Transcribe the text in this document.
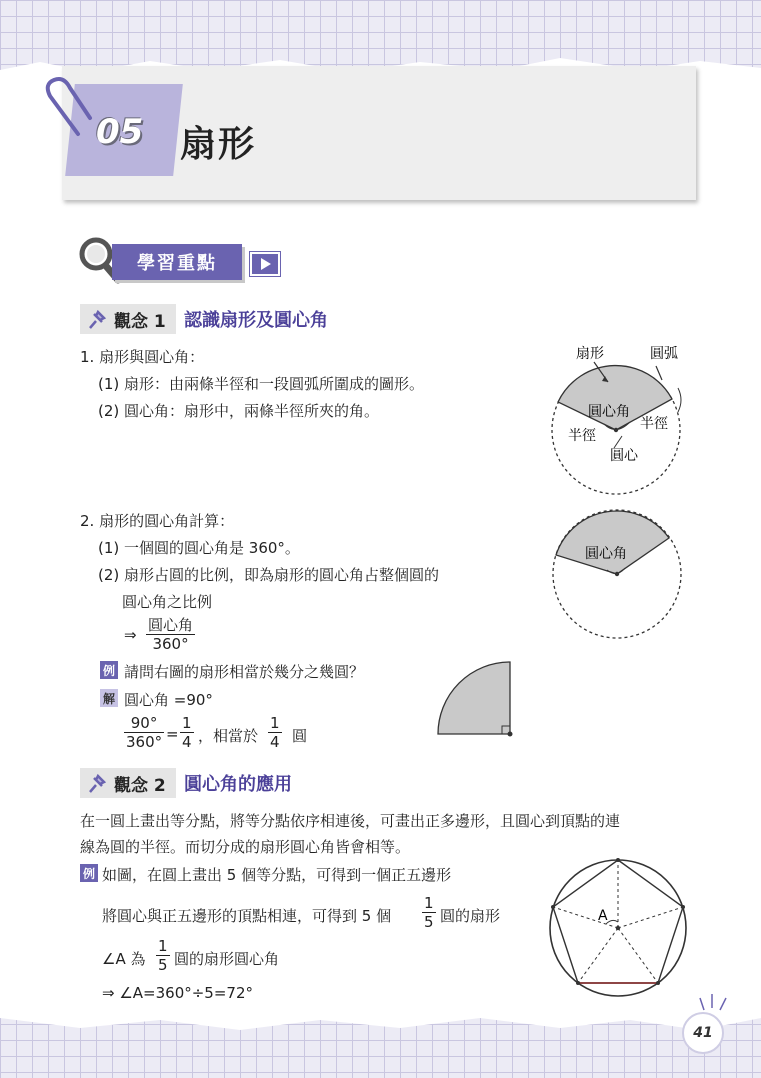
05 扇形
學習重點
觀念 1 認識扇形及圓心角
1. 扇形與圓心角：
(1) 扇形：由兩條半徑和一段圓弧所圍成的圖形。
(2) 圓心角：扇形中，兩條半徑所夾的角。
扇形	圓弧
圓心角
半徑
半徑
圓心
2. 扇形的圓心角計算：
(1) 一個圓的圓心角是 360°。
(2) 扇形占圓的比例，即為扇形的圓心角占整個圓的
圓心角之比例
⇒
圓心角
360°
圓心角
例 請問右圖的扇形相當於幾分之幾圓？
解 圓心角 =90°
$\frac{90^\circ}{360^\circ} = \frac{1}{4}$ ，相當於 $\frac{1}{4}$ 圓
觀念 2 圓心角的應用
在一圓上畫出等分點，將等分點依序相連後，可畫出正多邊形，且圓心到頂點的連
線為圓的半徑。而切分成的扇形圓心角皆會相等。
例 如圖，在圓上畫出 5 個等分點，可得到一個正五邊形
將圓心與正五邊形的頂點相連，可得到 5 個 $\frac{1}{5}$ 圓的扇形
∠A 為 $\frac{1}{5}$ 圓的扇形圓心角
⇒ ∠A=360°÷5=72°
A
41
